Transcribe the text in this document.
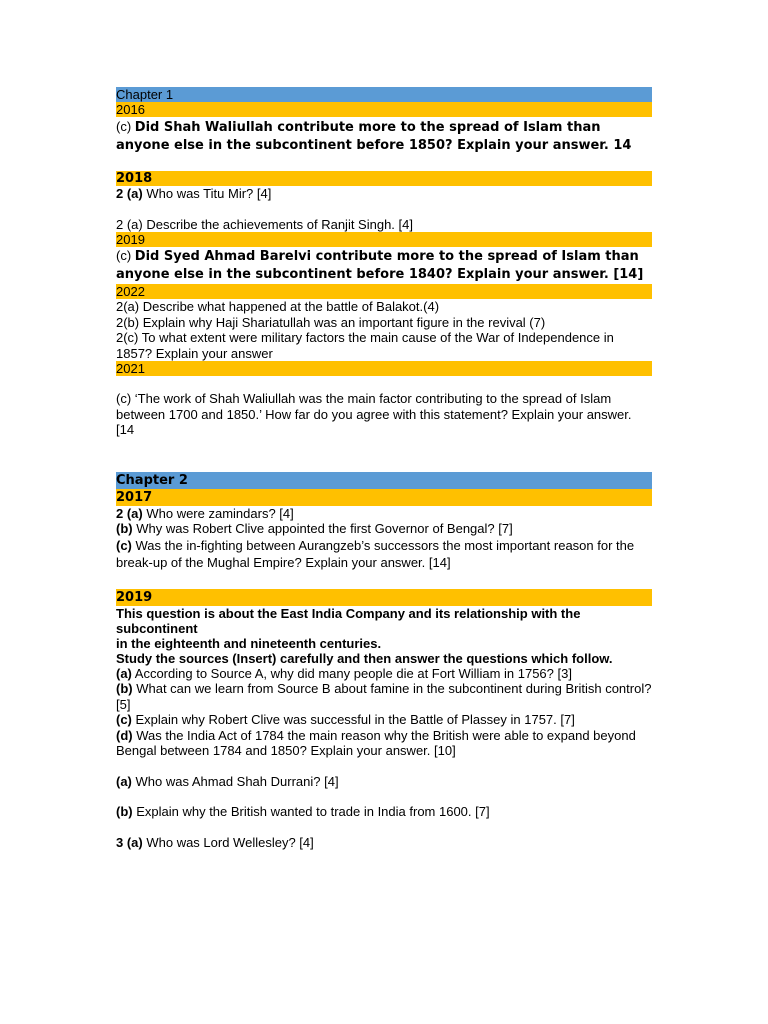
Chapter 1
2016
(c) Did Shah Waliullah contribute more to the spread of Islam than anyone else in the subcontinent before 1850? Explain your answer. 14
2018
2 (a) Who was Titu Mir? [4]
2 (a) Describe the achievements of Ranjit Singh. [4]
2019
(c) Did Syed Ahmad Barelvi contribute more to the spread of Islam than anyone else in the subcontinent before 1840? Explain your answer. [14]
2022
2(a) Describe what happened at the battle of Balakot.(4)
2(b) Explain why Haji Shariatullah was an important figure in the revival (7)
2(c) To what extent were military factors the main cause of the War of Independence in 1857? Explain your answer
2021
(c) ‘The work of Shah Waliullah was the main factor contributing to the spread of Islam between 1700 and 1850.’ How far do you agree with this statement? Explain your answer. [14
Chapter 2
2017
2 (a) Who were zamindars? [4]
(b) Why was Robert Clive appointed the first Governor of Bengal? [7]
(c) Was the in-fighting between Aurangzeb’s successors the most important reason for the break-up of the Mughal Empire? Explain your answer. [14]
2019
This question is about the East India Company and its relationship with the subcontinent
in the eighteenth and nineteenth centuries.
Study the sources (Insert) carefully and then answer the questions which follow.
(a) According to Source A, why did many people die at Fort William in 1756? [3]
(b) What can we learn from Source B about famine in the subcontinent during British control? [5]
(c) Explain why Robert Clive was successful in the Battle of Plassey in 1757. [7]
(d) Was the India Act of 1784 the main reason why the British were able to expand beyond Bengal between 1784 and 1850? Explain your answer. [10]
(a) Who was Ahmad Shah Durrani? [4]
(b) Explain why the British wanted to trade in India from 1600. [7]
3 (a) Who was Lord Wellesley? [4]
